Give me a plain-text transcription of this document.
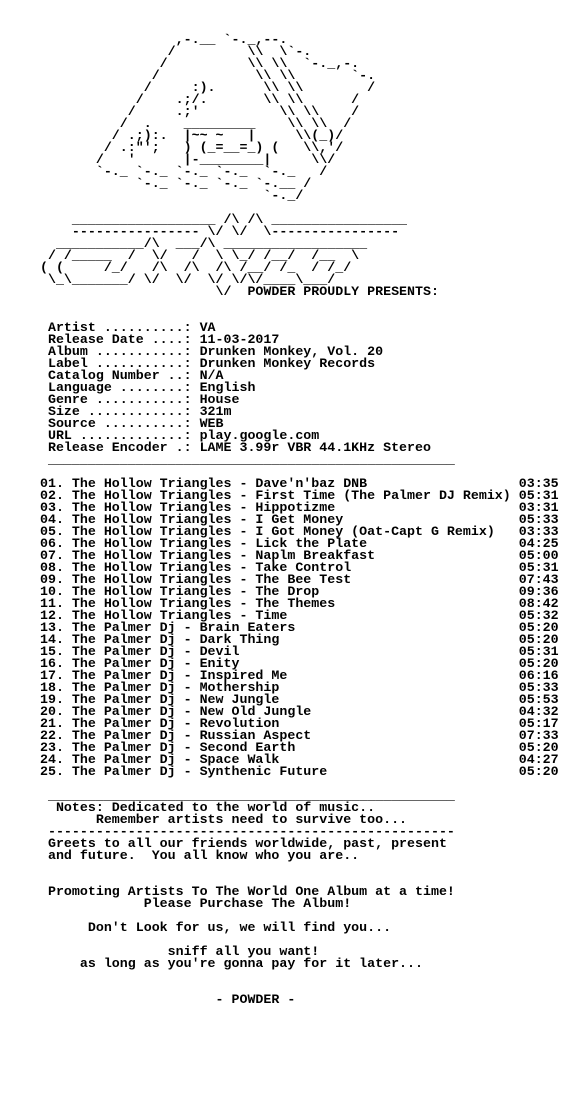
,-.__ `-._,--.
/         \\  \`-.
/          \\ \\  `-._,-.
/            \\ \\       `-.
/     :).      \\ \\        /
/    .;/.       \\ \\      /
/     .;'          \\ \\    /
/  .    _________    \\ \\  /
/ .;):.  |~~ ~   |     \\(_)/
/ .:"';   ) (_=__=_) (   \\,'/
/   '      |-________|     \\/
`-._ `-._ `-._ `-._  `-._   /
`-._ `-._ `-._ `-.__ /
`-._/
__________________ /\ /\ _________________
---------------- \/ \/  \----------------
___________/\  ___/\ __________________
/ /_____  /  \/   /  \ \_/ /__/  /__  \
( (     /_/   /\  /\  /\ /__/ /_  / /_/
\_\_______/ \/  \/  \/ \/\/____\___/
\/  POWDER PROUDLY PRESENTS:
Artist ..........: VA
Release Date ....: 11-03-2017
Album ...........: Drunken Monkey, Vol. 20
Label ...........: Drunken Monkey Records
Catalog Number ..: N/A
Language ........: English
Genre ...........: House
Size ............: 321m
Source ..........: WEB
URL .............: play.google.com
Release Encoder .: LAME 3.99r VBR 44.1KHz Stereo
___________________________________________________
01. The Hollow Triangles - Dave'n'baz DNB                   03:35
02. The Hollow Triangles - First Time (The Palmer DJ Remix) 05:31
03. The Hollow Triangles - Hippotizme                       03:31
04. The Hollow Triangles - I Get Money                      05:33
05. The Hollow Triangles - I Got Money (Oat-Capt G Remix)   03:33
06. The Hollow Triangles - Lick the Plate                   04:25
07. The Hollow Triangles - Naplm Breakfast                  05:00
08. The Hollow Triangles - Take Control                     05:31
09. The Hollow Triangles - The Bee Test                     07:43
10. The Hollow Triangles - The Drop                         09:36
11. The Hollow Triangles - The Themes                       08:42
12. The Hollow Triangles - Time                             05:32
13. The Palmer Dj - Brain Eaters                            05:20
14. The Palmer Dj - Dark Thing                              05:20
15. The Palmer Dj - Devil                                   05:31
16. The Palmer Dj - Enity                                   05:20
17. The Palmer Dj - Inspired Me                             06:16
18. The Palmer Dj - Mothership                              05:33
19. The Palmer Dj - New Jungle                              05:53
20. The Palmer Dj - New Old Jungle                          04:32
21. The Palmer Dj - Revolution                              05:17
22. The Palmer Dj - Russian Aspect                          07:33
23. The Palmer Dj - Second Earth                            05:20
24. The Palmer Dj - Space Walk                              04:27
25. The Palmer Dj - Synthenic Future                        05:20
___________________________________________________
Notes: Dedicated to the world of music..
Remember artists need to survive too...
---------------------------------------------------
Greets to all our friends worldwide, past, present
and future.  You all know who you are..
Promoting Artists To The World One Album at a time!
Please Purchase The Album!
Don't Look for us, we will find you...
sniff all you want!
as long as you're gonna pay for it later...
- POWDER -
